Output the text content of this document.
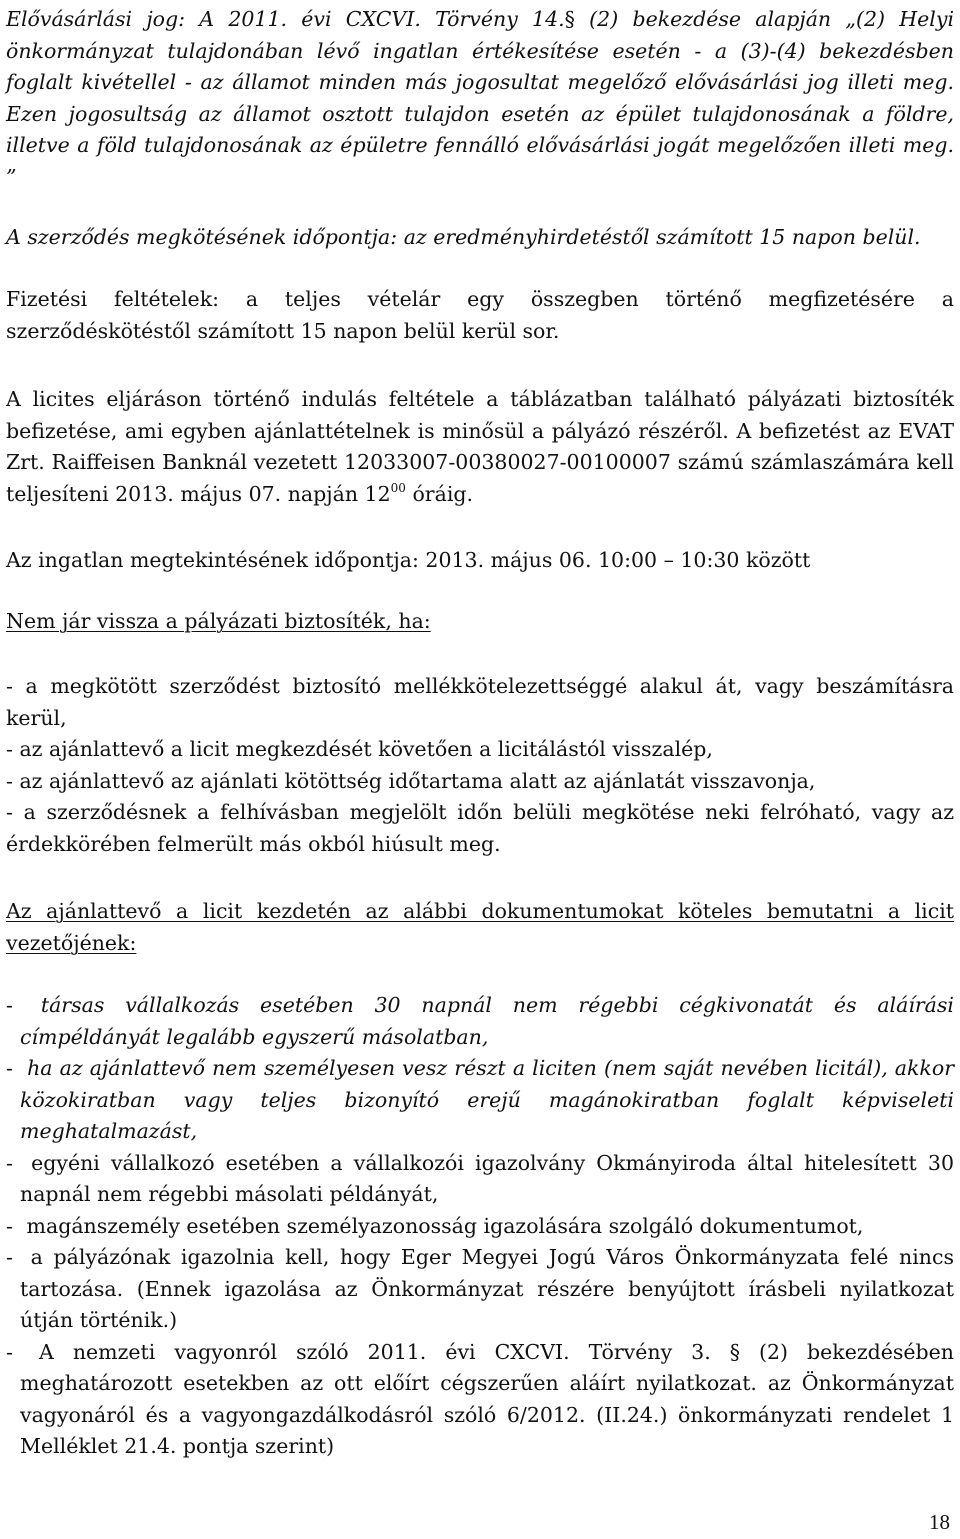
Elővásárlási jog: A 2011. évi CXCVI. Törvény 14.§ (2) bekezdése alapján „(2) Helyi önkormányzat tulajdonában lévő ingatlan értékesítése esetén - a (3)-(4) bekezdésben foglalt kivétellel - az államot minden más jogosultat megelőző elővásárlási jog illeti meg. Ezen jogosultság az államot osztott tulajdon esetén az épület tulajdonosának a földre, illetve a föld tulajdonosának az épületre fennálló elővásárlási jogát megelőzően illeti meg. ”

A szerződés megkötésének időpontja: az eredményhirdetéstől számított 15 napon belül.

Fizetési feltételek: a teljes vételár egy összegben történő megfizetésére a szerződéskötéstől számított 15 napon belül kerül sor.

A licites eljáráson történő indulás feltétele a táblázatban található pályázati biztosíték befizetése, ami egyben ajánlattételnek is minősül a pályázó részéről. A befizetést az EVAT Zrt. Raiffeisen Banknál vezetett 12033007-00380027-00100007 számú számlaszámára kell teljesíteni 2013. május 07. napján $12^{00}$ óráig.

Az ingatlan megtekintésének időpontja: 2013. május 06. 10:00 – 10:30 között

Nem jár vissza a pályázati biztosíték, ha:

- a megkötött szerződést biztosító mellékkötelezettséggé alakul át, vagy beszámításra kerül,
- az ajánlattevő a licit megkezdését követően a licitálástól visszalép,
- az ajánlattevő az ajánlati kötöttség időtartama alatt az ajánlatát visszavonja,
- a szerződésnek a felhívásban megjelölt időn belüli megkötése neki felróható, vagy az érdekkörében felmerült más okból hiúsult meg.

Az ajánlattevő a licit kezdetén az alábbi dokumentumokat köteles bemutatni a licit vezetőjének:

- társas vállalkozás esetében 30 napnál nem régebbi cégkivonatát és aláírási címpéldányát legalább egyszerű másolatban,
- ha az ajánlattevő nem személyesen vesz részt a liciten (nem saját nevében licitál), akkor közokiratban vagy teljes bizonyító erejű magánokiratban foglalt képviseleti meghatalmazást,
- egyéni vállalkozó esetében a vállalkozói igazolvány Okmányiroda által hitelesített 30 napnál nem régebbi másolati példányát,
- magánszemély esetében személyazonosság igazolására szolgáló dokumentumot,
- a pályázónak igazolnia kell, hogy Eger Megyei Jogú Város Önkormányzata felé nincs tartozása. (Ennek igazolása az Önkormányzat részére benyújtott írásbeli nyilatkozat útján történik.)
- A nemzeti vagyonról szóló 2011. évi CXCVI. Törvény 3. § (2) bekezdésében meghatározott esetekben az ott előírt cégszerűen aláírt nyilatkozat. az Önkormányzat vagyonáról és a vagyongazdálkodásról szóló 6/2012. (II.24.) önkormányzati rendelet 1 Melléklet 21.4. pontja szerint)
18
